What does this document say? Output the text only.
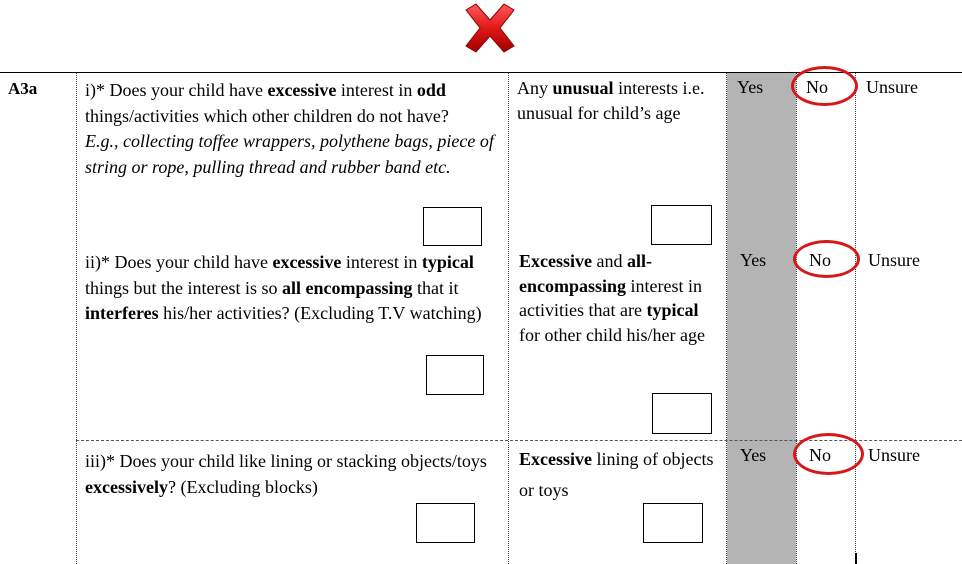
A3a	i)* Does your child have excessive interest in odd things/activities which other children do not have?
E.g., collecting toffee wrappers, polythene bags, piece of string or rope, pulling thread and rubber band etc.
Any unusual interests i.e. unusual for child’s age
Yes No Unsure
ii)* Does your child have excessive interest in typical things but the interest is so all encompassing that it interferes his/her activities? (Excluding T.V watching)
Excessive and all-encompassing interest in activities that are typical for other child his/her age
Yes No Unsure
iii)* Does your child like lining or stacking objects/toys excessively? (Excluding blocks)
Excessive lining of objects or toys
Yes No Unsure
